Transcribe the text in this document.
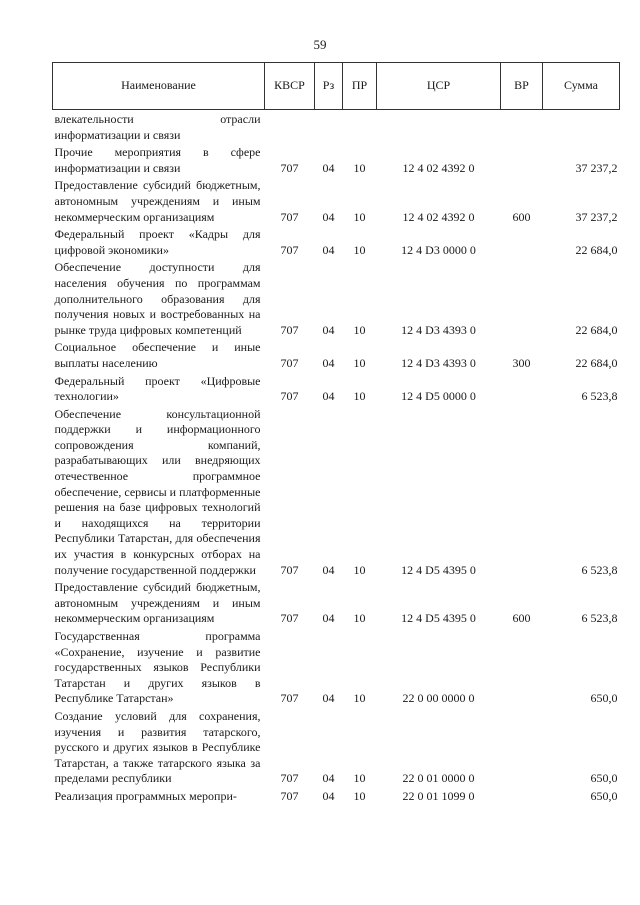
59
Наименование	КВСР	Рз	ПР	ЦСР	ВР	Сумма
влекательности отрасли информатизации и связи						
Прочие мероприятия в сфере информатизации и связи	707	04	10	12 4 02 4392 0		37 237,2
Предоставление субсидий бюджетным, автономным учреждениям и иным некоммерческим организациям	707	04	10	12 4 02 4392 0	600	37 237,2
Федеральный проект «Кадры для цифровой экономики»	707	04	10	12 4 D3 0000 0		22 684,0
Обеспечение доступности для населения обучения по программам дополнительного образования для получения новых и востребованных на рынке труда цифровых компетенций	707	04	10	12 4 D3 4393 0		22 684,0
Социальное обеспечение и иные выплаты населению	707	04	10	12 4 D3 4393 0	300	22 684,0
Федеральный проект «Цифровые технологии»	707	04	10	12 4 D5 0000 0		6 523,8
Обеспечение консультационной поддержки и информационного сопровождения компаний, разрабатывающих или внедряющих отечественное программное обеспечение, сервисы и платформенные решения на базе цифровых технологий и находящихся на территории Республики Татарстан, для обеспечения их участия в конкурсных отборах на получение государственной поддержки	707	04	10	12 4 D5 4395 0		6 523,8
Предоставление субсидий бюджетным, автономным учреждениям и иным некоммерческим организациям	707	04	10	12 4 D5 4395 0	600	6 523,8
Государственная программа «Сохранение, изучение и развитие государственных языков Республики Татарстан и других языков в Республике Татарстан»	707	04	10	22 0 00 0000 0		650,0
Создание условий для сохранения, изучения и развития татарского, русского и других языков в Республике Татарстан, а также татарского языка за пределами республики	707	04	10	22 0 01 0000 0		650,0
Реализация программных меропри-	707	04	10	22 0 01 1099 0		650,0
